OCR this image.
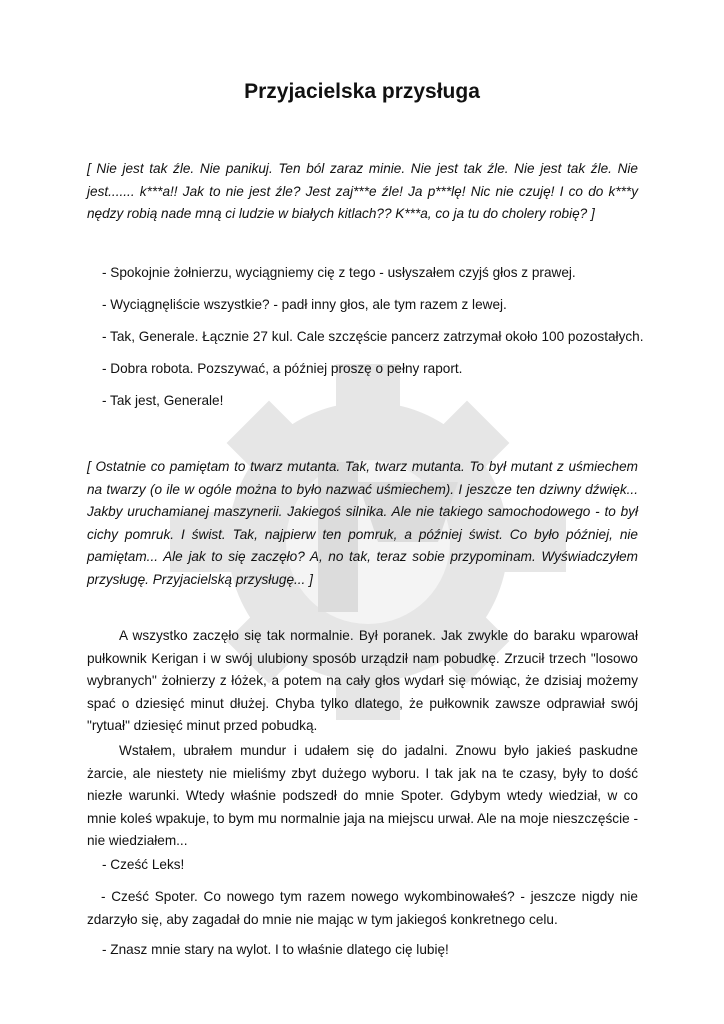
Przyjacielska przysługa

[ Nie jest tak źle. Nie panikuj. Ten ból zaraz minie. Nie jest tak źle. Nie jest tak źle. Nie jest....... k***a!! Jak to nie jest źle? Jest zaj***e źle! Ja p***lę! Nic nie czuję! I co do k***y nędzy robią nade mną ci ludzie w białych kitlach?? K***a, co ja tu do cholery robię? ]

- Spokojnie żołnierzu, wyciągniemy cię z tego - usłyszałem czyjś głos z prawej.

- Wyciągnęliście wszystkie? - padł inny głos, ale tym razem z lewej.

- Tak, Generale. Łącznie 27 kul. Cale szczęście pancerz zatrzymał około 100 pozostałych.

- Dobra robota. Pozszywać, a później proszę o pełny raport.

- Tak jest, Generale!

[ Ostatnie co pamiętam to twarz mutanta. Tak, twarz mutanta. To był mutant z uśmiechem na twarzy (o ile w ogóle można to było nazwać uśmiechem). I jeszcze ten dziwny dźwięk... Jakby uruchamianej maszynerii. Jakiegoś silnika. Ale nie takiego samochodowego - to był cichy pomruk. I świst. Tak, najpierw ten pomruk, a później świst. Co było później, nie pamiętam... Ale jak to się zaczęło? A, no tak, teraz sobie przypominam. Wyświadczyłem przysługę. Przyjacielską przysługę... ]

A wszystko zaczęło się tak normalnie. Był poranek. Jak zwykle do baraku wparował pułkownik Kerigan i w swój ulubiony sposób urządził nam pobudkę. Zrzucił trzech "losowo wybranych" żołnierzy z łóżek, a potem na cały głos wydarł się mówiąc, że dzisiaj możemy spać o dziesięć minut dłużej. Chyba tylko dlatego, że pułkownik zawsze odprawiał swój "rytuał" dziesięć minut przed pobudką.

Wstałem, ubrałem mundur i udałem się do jadalni. Znowu było jakieś paskudne żarcie, ale niestety nie mieliśmy zbyt dużego wyboru. I tak jak na te czasy, były to dość niezłe warunki. Wtedy właśnie podszedł do mnie Spoter. Gdybym wtedy wiedział, w co mnie koleś wpakuje, to bym mu normalnie jaja na miejscu urwał. Ale na moje nieszczęście - nie wiedziałem...

- Cześć Leks!

- Cześć Spoter. Co nowego tym razem nowego wykombinowałeś? - jeszcze nigdy nie zdarzyło się, aby zagadał do mnie nie mając w tym jakiegoś konkretnego celu.

- Znasz mnie stary na wylot. I to właśnie dlatego cię lubię!
